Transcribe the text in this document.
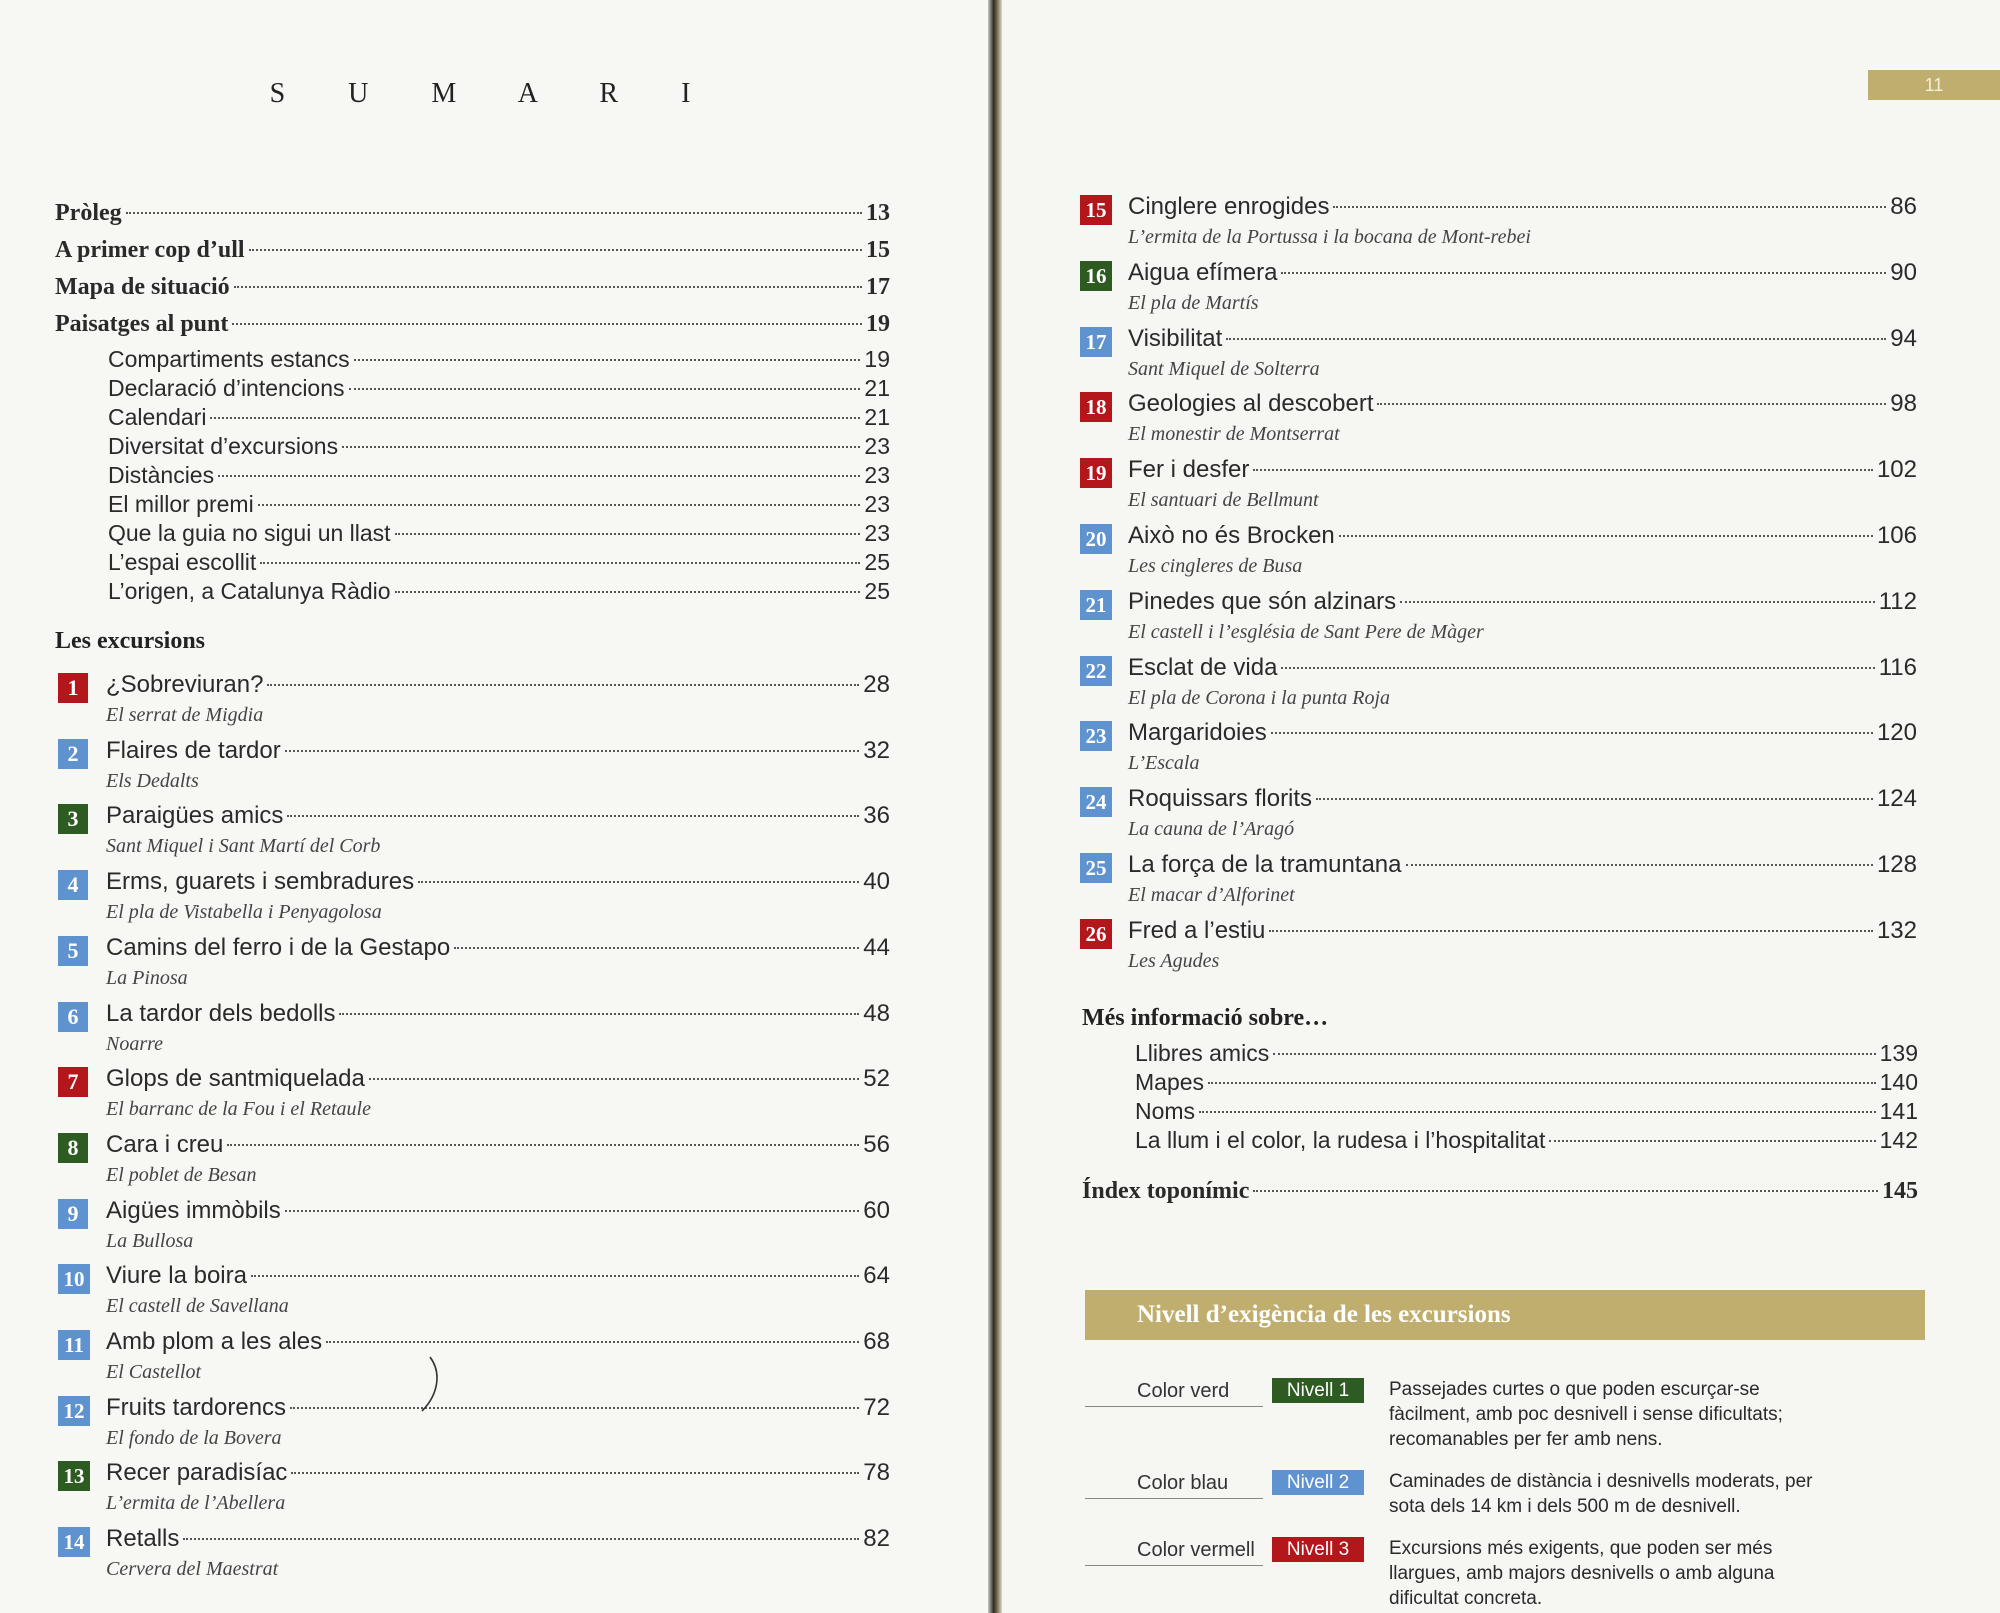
S U M A R I
Pròleg	13
A primer cop d’ull	15
Mapa de situació	17
Paisatges al punt	19
Compartiments estancs	19
Declaració d’intencions	21
Calendari	21
Diversitat d’excursions	23
Distàncies	23
El millor premi	23
Que la guia no sigui un llast	23
L’espai escollit	25
L’origen, a Catalunya Ràdio	25
Les excursions
1	¿Sobreviuran?	28
El serrat de Migdia
2	Flaires de tardor	32
Els Dedalts
3	Paraigües amics	36
Sant Miquel i Sant Martí del Corb
4	Erms, guarets i sembradures	40
El pla de Vistabella i Penyagolosa
5	Camins del ferro i de la Gestapo	44
La Pinosa
6	La tardor dels bedolls	48
Noarre
7	Glops de santmiquelada	52
El barranc de la Fou i el Retaule
8	Cara i creu	56
El poblet de Besan
9	Aigües immòbils	60
La Bullosa
10 Viure la boira	64
El castell de Savellana
11 Amb plom a les ales	68
El Castellot
12 Fruits tardorencs	72
El fondo de la Bovera
13 Recer paradisíac	78
L’ermita de l’Abellera
14 Retalls	82
Cervera del Maestrat
11
15 Cinglere enrogides	86
L’ermita de la Portussa i la bocana de Mont-rebei
16 Aigua efímera	90
El pla de Martís
17 Visibilitat	94
Sant Miquel de Solterra
18 Geologies al descobert	98
El monestir de Montserrat
19 Fer i desfer	102
El santuari de Bellmunt
20 Això no és Brocken	106
Les cingleres de Busa
21 Pinedes que són alzinars	112
El castell i l’església de Sant Pere de Màger
22 Esclat de vida	116
El pla de Corona i la punta Roja
23 Margaridoies	120
L’Escala
24 Roquissars florits	124
La cauna de l’Aragó
25 La força de la tramuntana	128
El macar d’Alforinet
26 Fred a l’estiu	132
Les Agudes
Més informació sobre…
Llibres amics	139
Mapes	140
Noms	141
La llum i el color, la rudesa i l’hospitalitat	142
Índex toponímic	145
Nivell d’exigència de les excursions
Color verd	Nivell 1	Passejades curtes o que poden escurçar-se fàcilment, amb poc desnivell i sense dificultats; recomanables per fer amb nens.
Color blau	Nivell 2	Caminades de distància i desnivells moderats, per sota dels 14 km i dels 500 m de desnivell.
Color vermell	Nivell 3	Excursions més exigents, que poden ser més llargues, amb majors desnivells o amb alguna dificultat concreta.
